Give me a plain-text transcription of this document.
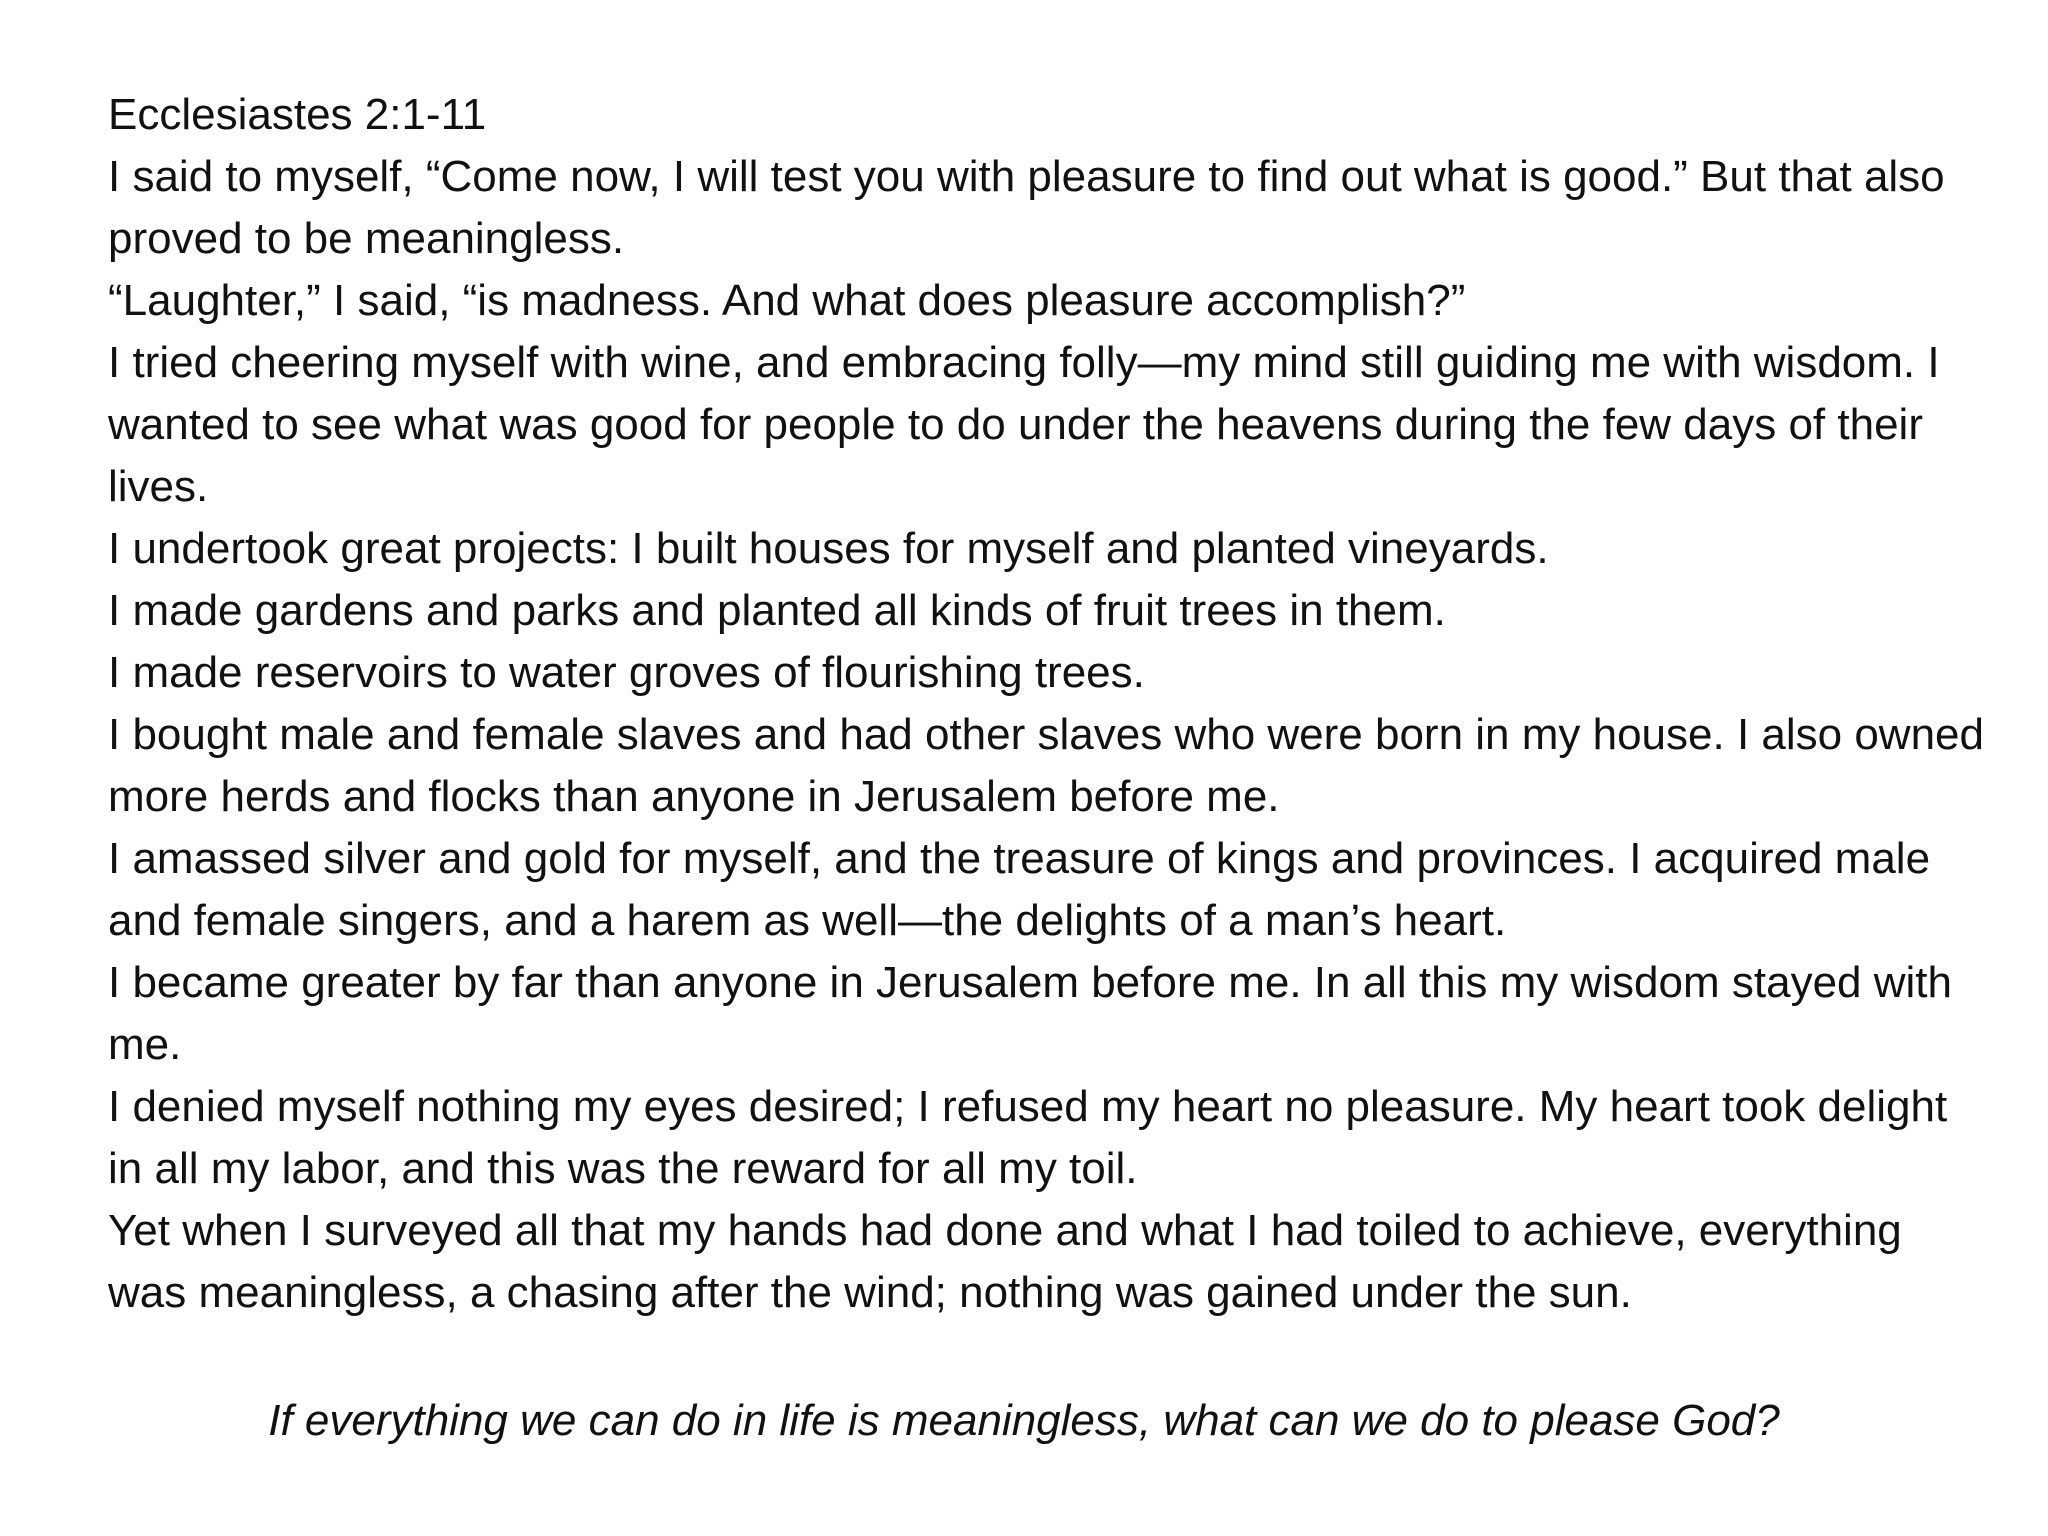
Ecclesiastes 2:1-11

I said to myself, “Come now, I will test you with pleasure to find out what is good.” But that also proved to be meaningless.

“Laughter,” I said, “is madness. And what does pleasure accomplish?”

I tried cheering myself with wine, and embracing folly—my mind still guiding me with wisdom. I wanted to see what was good for people to do under the heavens during the few days of their lives.

I undertook great projects: I built houses for myself and planted vineyards.

I made gardens and parks and planted all kinds of fruit trees in them.

I made reservoirs to water groves of flourishing trees.

I bought male and female slaves and had other slaves who were born in my house. I also owned more herds and flocks than anyone in Jerusalem before me.

I amassed silver and gold for myself, and the treasure of kings and provinces. I acquired male and female singers, and a harem as well—the delights of a man’s heart.

I became greater by far than anyone in Jerusalem before me. In all this my wisdom stayed with me.

I denied myself nothing my eyes desired; I refused my heart no pleasure. My heart took delight in all my labor, and this was the reward for all my toil.

Yet when I surveyed all that my hands had done and what I had toiled to achieve, everything was meaningless, a chasing after the wind; nothing was gained under the sun.

If everything we can do in life is meaningless, what can we do to please God?
